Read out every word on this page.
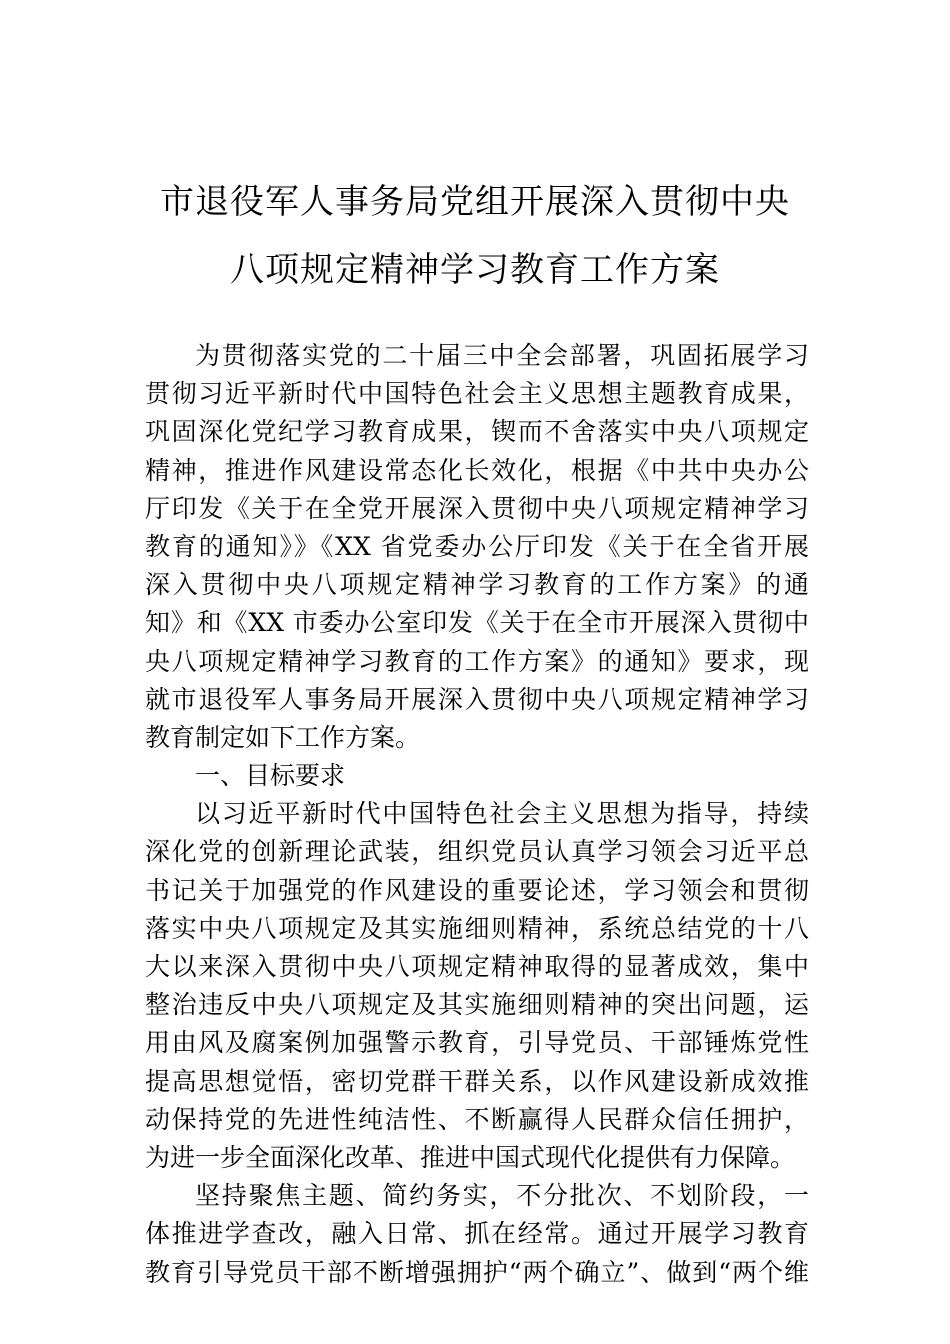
市退役军人事务局党组开展深入贯彻中央
八项规定精神学习教育工作方案
为贯彻落实党的二十届三中全会部署，巩固拓展学习
贯彻习近平新时代中国特色社会主义思想主题教育成果，
巩固深化党纪学习教育成果，锲而不舍落实中央八项规定
精神，推进作风建设常态化长效化，根据《中共中央办公
厅印发《关于在全党开展深入贯彻中央八项规定精神学习
教育的通知》》《XX 省党委办公厅印发《关于在全省开展
深入贯彻中央八项规定精神学习教育的工作方案》的通
知》和《XX 市委办公室印发《关于在全市开展深入贯彻中
央八项规定精神学习教育的工作方案》的通知》要求，现
就市退役军人事务局开展深入贯彻中央八项规定精神学习
教育制定如下工作方案。
一、目标要求
以习近平新时代中国特色社会主义思想为指导，持续
深化党的创新理论武装，组织党员认真学习领会习近平总
书记关于加强党的作风建设的重要论述，学习领会和贯彻
落实中央八项规定及其实施细则精神，系统总结党的十八
大以来深入贯彻中央八项规定精神取得的显著成效，集中
整治违反中央八项规定及其实施细则精神的突出问题，运
用由风及腐案例加强警示教育，引导党员、干部锤炼党性
提高思想觉悟，密切党群干群关系，以作风建设新成效推
动保持党的先进性纯洁性、不断赢得人民群众信任拥护，
为进一步全面深化改革、推进中国式现代化提供有力保障。
坚持聚焦主题、简约务实，不分批次、不划阶段，一
体推进学查改，融入日常、抓在经常。通过开展学习教育
教育引导党员干部不断增强拥护“两个确立”、做到“两个维
